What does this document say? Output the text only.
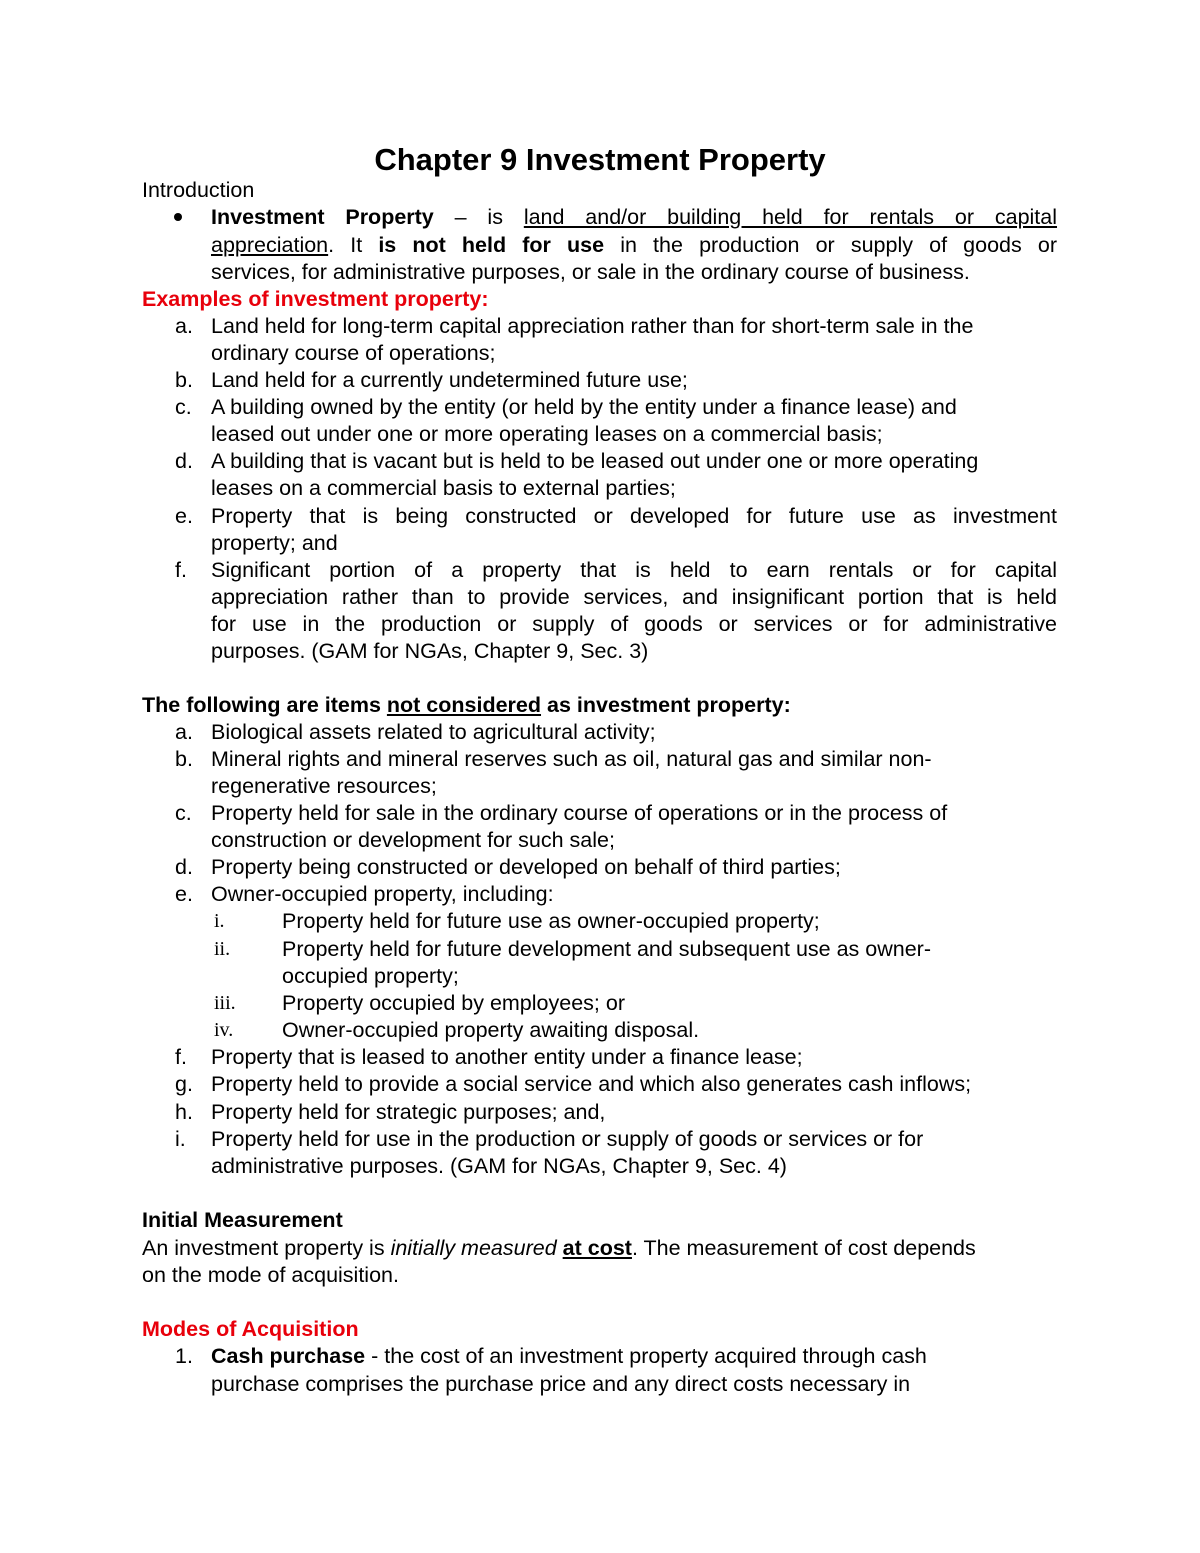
Chapter 9 Investment Property
Introduction
Investment Property – is land and/or building held for rentals or capital
appreciation. It is not held for use in the production or supply of goods or
services, for administrative purposes, or sale in the ordinary course of business.
Examples of investment property:
a. Land held for long-term capital appreciation rather than for short-term sale in the
ordinary course of operations;
b. Land held for a currently undetermined future use;
c. A building owned by the entity (or held by the entity under a finance lease) and
leased out under one or more operating leases on a commercial basis;
d. A building that is vacant but is held to be leased out under one or more operating
leases on a commercial basis to external parties;
e. Property that is being constructed or developed for future use as investment
property; and
f. Significant portion of a property that is held to earn rentals or for capital
appreciation rather than to provide services, and insignificant portion that is held
for use in the production or supply of goods or services or for administrative
purposes. (GAM for NGAs, Chapter 9, Sec. 3)
The following are items not considered as investment property:
a. Biological assets related to agricultural activity;
b. Mineral rights and mineral reserves such as oil, natural gas and similar non-
regenerative resources;
c. Property held for sale in the ordinary course of operations or in the process of
construction or development for such sale;
d. Property being constructed or developed on behalf of third parties;
e. Owner-occupied property, including:
i.	Property held for future use as owner-occupied property;
ii. Property held for future development and subsequent use as owner-
occupied property;
iii. Property occupied by employees; or
iv. Owner-occupied property awaiting disposal.
f. Property that is leased to another entity under a finance lease;
g. Property held to provide a social service and which also generates cash inflows;
h. Property held for strategic purposes; and,
i. Property held for use in the production or supply of goods or services or for
administrative purposes. (GAM for NGAs, Chapter 9, Sec. 4)
Initial Measurement
An investment property is initially measured at cost. The measurement of cost depends
on the mode of acquisition.
Modes of Acquisition
1. Cash purchase - the cost of an investment property acquired through cash
purchase comprises the purchase price and any direct costs necessary in
